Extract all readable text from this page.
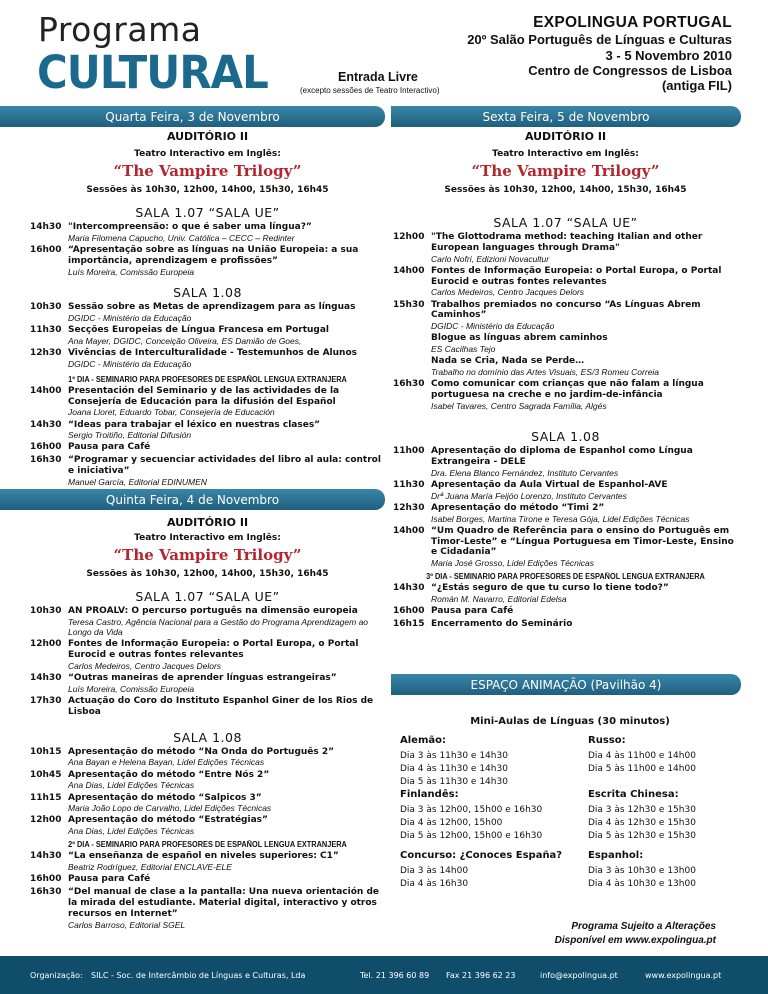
Programa
CULTURAL	Entrada Livre
(excepto sessões de Teatro Interactivo)
EXPOLINGUA PORTUGAL
20º Salão Português de Línguas e Culturas
3 - 5 Novembro 2010
Centro de Congressos de Lisboa
(antiga FIL)
Quarta Feira, 3 de Novembro
AUDITÓRIO II
Teatro Interactivo em Inglês:
“The Vampire Trilogy”
Sessões às 10h30, 12h00, 14h00, 15h30, 16h45
SALA 1.07 “SALA UE”
14h30 "Intercompreensão: o que é saber uma língua?”
Maria Filomena Capucho, Univ. Católica – CECC – Redinter
16h00 “Apresentação sobre as línguas na União Europeia: a sua importância, aprendizagem e profissões”
Luís Moreira, Comissão Europeia
SALA 1.08
10h30 Sessão sobre as Metas de aprendizagem para as línguas
DGIDC - Ministério da Educação
11h30 Secções Europeias de Língua Francesa em Portugal
Ana Mayer, DGIDC, Conceição Oliveira, ES Damião de Goes,
12h30 Vivências de Interculturalidade - Testemunhos de Alunos
DGIDC - Ministério da Educação
1º DIA - SEMINARIO PARA PROFESORES DE ESPAÑOL LENGUA EXTRANJERA
14h00 Presentación del Seminario y de las actividades de la Consejería de Educación para la difusión del Español
Joana Lloret, Eduardo Tobar, Consejería de Educación
14h30 “Ideas para trabajar el léxico en nuestras clases”
Sergio Troitiño, Editorial Difusión
16h00 Pausa para Café
16h30 “Programar y secuenciar actividades del libro al aula: control e iniciativa”
Manuel García, Editorial EDINUMEN
Quinta Feira, 4 de Novembro
AUDITÓRIO II
Teatro Interactivo em Inglês:
“The Vampire Trilogy”
Sessões às 10h30, 12h00, 14h00, 15h30, 16h45
SALA 1.07 “SALA UE”
10h30 AN PROALV: O percurso português na dimensão europeia
Teresa Castro, Agência Nacional para a Gestão do Programa Aprendizagem ao Longo da Vida
12h00 Fontes de Informação Europeia: o Portal Europa, o Portal Eurocid e outras fontes relevantes
Carlos Medeiros, Centro Jacques Delors
14h30 “Outras maneiras de aprender línguas estrangeiras”
Luís Moreira, Comissão Europeia
17h30 Actuação do Coro do Instituto Espanhol Giner de los Rios de Lisboa
SALA 1.08
10h15 Apresentação do método “Na Onda do Português 2”
Ana Bayan e Helena Bayan, Lidel Edições Técnicas
10h45 Apresentação do método “Entre Nós 2”
Ana Dias, Lidel Edições Técnicas
11h15 Apresentação do método “Salpicos 3”
Maria João Lopo de Carvalho, Lidel Edições Técnicas
12h00 Apresentação do método “Estratégias”
Ana Dias, Lidel Edições Técnicas
2º DIA - SEMINARIO PARA PROFESORES DE ESPAÑOL LENGUA EXTRANJERA
14h30 “La enseñanza de español en niveles superiores: C1”
Beatriz Rodríguez, Editorial ENCLAVE-ELE
16h00 Pausa para Café
16h30 “Del manual de clase a la pantalla: Una nueva orientación de la mirada del estudiante. Material digital, interactivo y otros recursos en Internet”
Carlos Barroso, Editorial SGEL
Sexta Feira, 5 de Novembro
AUDITÓRIO II
Teatro Interactivo em Inglês:
“The Vampire Trilogy”
Sessões às 10h30, 12h00, 14h00, 15h30, 16h45
SALA 1.07 “SALA UE”
12h00 "The Glottodrama method: teaching Italian and other European languages through Drama"
Carlo Nofri, Edizioni Novacultur
14h00 Fontes de Informação Europeia: o Portal Europa, o Portal Eurocid e outras fontes relevantes
Carlos Medeiros, Centro Jacques Delors
15h30 Trabalhos premiados no concurso “As Línguas Abrem Caminhos”
DGIDC - Ministério da Educação
Blogue as línguas abrem caminhos
ES Cacilhas Tejo
Nada se Cria, Nada se Perde…
Trabalho no domínio das Artes Visuais, ES/3 Romeu Correia
16h30 Como comunicar com crianças que não falam a língua portuguesa na creche e no jardim-de-infância
Isabel Tavares, Centro Sagrada Família, Algés
SALA 1.08
11h00 Apresentação do diploma de Espanhol como Língua Extrangeira - DELE
Dra. Elena Blanco Fernández, Instituto Cervantes
11h30 Apresentação da Aula Virtual de Espanhol-AVE
Drª Juana María Feijóo Lorenzo, Instituto Cervantes
12h30 Apresentação do método “Timi 2”
Isabel Borges, Martina Tirone e Teresa Gója, Lidel Edições Técnicas
14h00 “Um Quadro de Referência para o ensino do Português em Timor-Leste” e “Língua Portuguesa em Timor-Leste, Ensino e Cidadania”
Maria José Grosso, Lidel Edições Técnicas
3º DIA - SEMINARIO PARA PROFESORES DE ESPAÑOL LENGUA EXTRANJERA
14h30 “¿Estás seguro de que tu curso lo tiene todo?”
Román M. Navarro, Editorial Edelsa
16h00 Pausa para Café
16h15 Encerramento do Seminário
ESPAÇO ANIMAÇÃO (Pavilhão 4)
Mini-Aulas de Línguas (30 minutos)
Alemão:
Dia 3 às 11h30 e 14h30
Dia 4 às 11h30 e 14h30
Dia 5 às 11h30 e 14h30
Russo:
Dia 4 às 11h00 e 14h00
Dia 5 às 11h00 e 14h00
Finlandês:
Dia 3 às 12h00, 15h00 e 16h30
Dia 4 às 12h00, 15h00
Dia 5 às 12h00, 15h00 e 16h30
Escrita Chinesa:
Dia 3 às 12h30 e 15h30
Dia 4 às 12h30 e 15h30
Dia 5 às 12h30 e 15h30
Concurso: ¿Conoces España?
Dia 3 às 14h00
Dia 4 às 16h30
Espanhol:
Dia 3 às 10h30 e 13h00
Dia 4 às 10h30 e 13h00
Programa Sujeito a Alterações
Disponível em www.expolingua.pt
Organização: SILC - Soc. de Intercâmbio de Línguas e Culturas, Lda	Tel. 21 396 60 89 Fax 21 396 62 23	info@expolingua.pt	www.expolingua.pt
